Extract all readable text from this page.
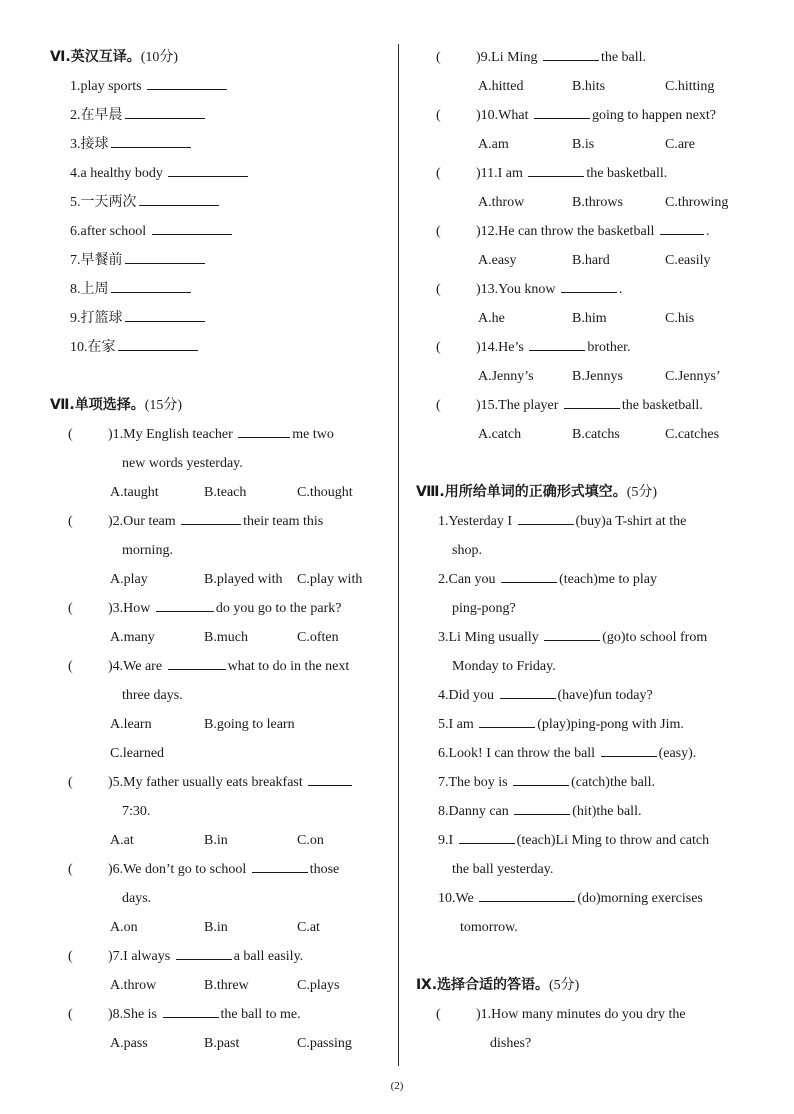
Ⅵ.英汉互译。(10分)
1.play sports
2.在早晨
3.接球
4.a healthy body
5.一天两次
6.after school
7.早餐前
8.上周
9.打篮球
10.在家
Ⅶ.单项选择。(15分)
(	)1.My English teacher	me two
new words yesterday.
A.taught	B.teach	C.thought
(	)2.Our team	their team this
morning.
A.play	B.played with C.play with
(	)3.How	do you go to the park?
A.many	B.much	C.often
(	)4.We are	what to do in the next
three days.
A.learn	B.going to learn
C.learned
(	)5.My father usually eats breakfast
7:30.
A.at	B.in	C.on
(	)6.We don’t go to school	those
days.
A.on	B.in	C.at
(	)7.I always	a ball easily.
A.throw	B.threw	C.plays
(	)8.She is	the ball to me.
A.pass	B.past	C.passing
(	)9.Li Ming	the ball.
A.hitted	B.hits	C.hitting
(	)10.What	going to happen next?
A.am	B.is	C.are
(	)11.I am	the basketball.
A.throw	B.throws	C.throwing
(	)12.He can throw the basketball	.
A.easy	B.hard	C.easily
(	)13.You know	.
A.he	B.him	C.his
(	)14.He’s	brother.
A.Jenny’s	B.Jennys	C.Jennys’
(	)15.The player	the basketball.
A.catch	B.catchs	C.catches
Ⅷ.用所给单词的正确形式填空。(5分)
1.Yesterday I	(buy)a T-shirt at the
shop.
2.Can you	(teach)me to play
ping-pong?
3.Li Ming usually	(go)to school from
Monday to Friday.
4.Did you	(have)fun today?
5.I am	(play)ping-pong with Jim.
6.Look! I can throw the ball	(easy).
7.The boy is	(catch)the ball.
8.Danny can	(hit)the ball.
9.I	(teach)Li Ming to throw and catch
the ball yesterday.
10.We	(do)morning exercises
tomorrow.
Ⅸ.选择合适的答语。(5分)
(	)1.How many minutes do you dry the
dishes?
(2)
